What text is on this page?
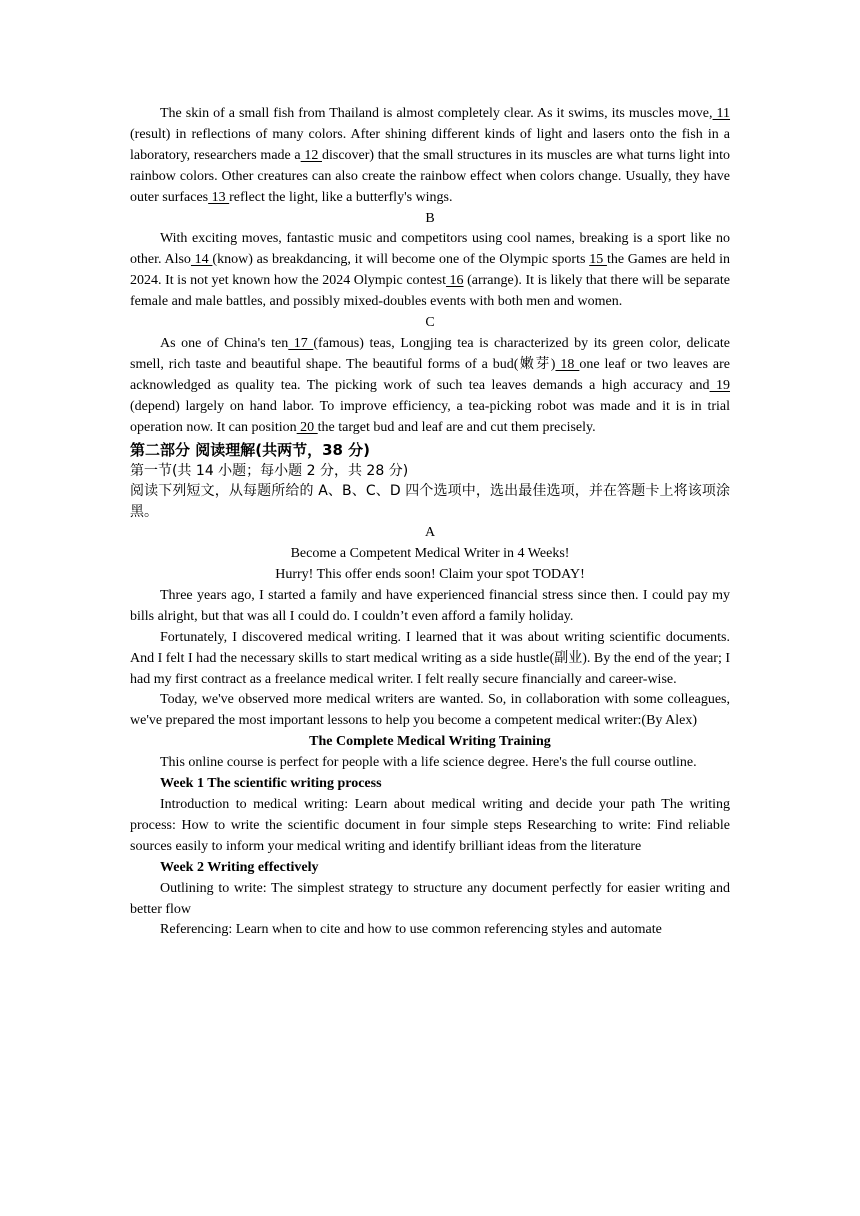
The skin of a small fish from Thailand is almost completely clear. As it swims, its muscles move, 11 (result) in reflections of many colors. After shining different kinds of light and lasers onto the fish in a laboratory, researchers made a 12 discover) that the small structures in its muscles are what turns light into rainbow colors. Other creatures can also create the rainbow effect when colors change. Usually, they have outer surfaces 13 reflect the light, like a butterfly's wings.

B

With exciting moves, fantastic music and competitors using cool names, breaking is a sport like no other. Also 14 (know) as breakdancing, it will become one of the Olympic sports 15 the Games are held in 2024. It is not yet known how the 2024 Olympic contest 16 (arrange). It is likely that there will be separate female and male battles, and possibly mixed-doubles events with both men and women.

C

As one of China's ten 17 (famous) teas, Longjing tea is characterized by its green color, delicate smell, rich taste and beautiful shape. The beautiful forms of a bud(嫩芽) 18 one leaf or two leaves are acknowledged as quality tea. The picking work of such tea leaves demands a high accuracy and 19 (depend) largely on hand labor. To improve efficiency, a tea-picking robot was made and it is in trial operation now. It can position 20 the target bud and leaf are and cut them precisely.

第二部分 阅读理解(共两节，38 分)

第一节(共 14 小题；每小题 2 分，共 28 分)

阅读下列短文，从每题所给的 A、B、C、D 四个选项中，选出最佳选项，并在答题卡上将该项涂黑。

A

Become a Competent Medical Writer in 4 Weeks!

Hurry! This offer ends soon! Claim your spot TODAY!

Three years ago, I started a family and have experienced financial stress since then. I could pay my bills alright, but that was all I could do. I couldn’t even afford a family holiday.

Fortunately, I discovered medical writing. I learned that it was about writing scientific documents. And I felt I had the necessary skills to start medical writing as a side hustle(副业). By the end of the year; I had my first contract as a freelance medical writer. I felt really secure financially and career-wise.

Today, we've observed more medical writers are wanted. So, in collaboration with some colleagues, we've prepared the most important lessons to help you become a competent medical writer:(By Alex)

The Complete Medical Writing Training

This online course is perfect for people with a life science degree. Here's the full course outline.

Week 1 The scientific writing process

Introduction to medical writing: Learn about medical writing and decide your path The writing process: How to write the scientific document in four simple steps Researching to write: Find reliable sources easily to inform your medical writing and identify brilliant ideas from the literature

Week 2 Writing effectively

Outlining to write: The simplest strategy to structure any document perfectly for easier writing and better flow

Referencing: Learn when to cite and how to use common referencing styles and automate
